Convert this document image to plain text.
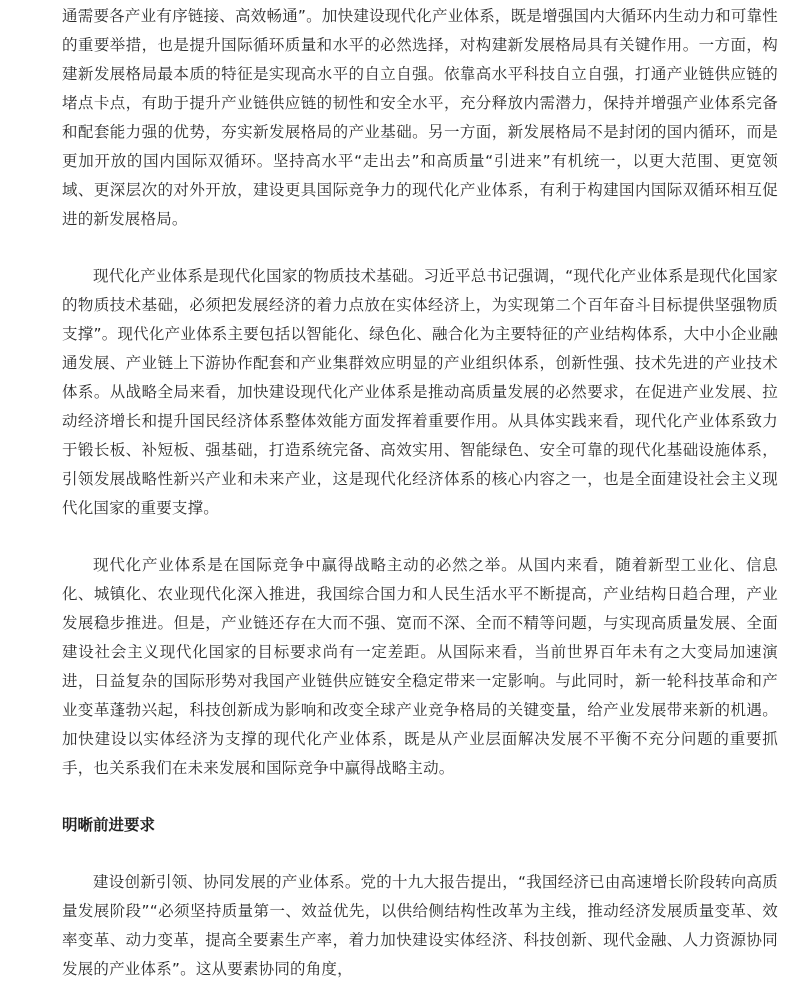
通需要各产业有序链接、高效畅通”。加快建设现代化产业体系，既是增强国内大循环内生动力和可靠性的重要举措，也是提升国际循环质量和水平的必然选择，对构建新发展格局具有关键作用。一方面，构建新发展格局最本质的特征是实现高水平的自立自强。依靠高水平科技自立自强，打通产业链供应链的堵点卡点，有助于提升产业链供应链的韧性和安全水平，充分释放内需潜力，保持并增强产业体系完备和配套能力强的优势，夯实新发展格局的产业基础。另一方面，新发展格局不是封闭的国内循环，而是更加开放的国内国际双循环。坚持高水平“走出去”和高质量“引进来”有机统一，以更大范围、更宽领域、更深层次的对外开放，建设更具国际竞争力的现代化产业体系，有利于构建国内国际双循环相互促进的新发展格局。

现代化产业体系是现代化国家的物质技术基础。习近平总书记强调，“现代化产业体系是现代化国家的物质技术基础，必须把发展经济的着力点放在实体经济上，为实现第二个百年奋斗目标提供坚强物质支撑”。现代化产业体系主要包括以智能化、绿色化、融合化为主要特征的产业结构体系，大中小企业融通发展、产业链上下游协作配套和产业集群效应明显的产业组织体系，创新性强、技术先进的产业技术体系。从战略全局来看，加快建设现代化产业体系是推动高质量发展的必然要求，在促进产业发展、拉动经济增长和提升国民经济体系整体效能方面发挥着重要作用。从具体实践来看，现代化产业体系致力于锻长板、补短板、强基础，打造系统完备、高效实用、智能绿色、安全可靠的现代化基础设施体系，引领发展战略性新兴产业和未来产业，这是现代化经济体系的核心内容之一，也是全面建设社会主义现代化国家的重要支撑。

现代化产业体系是在国际竞争中赢得战略主动的必然之举。从国内来看，随着新型工业化、信息化、城镇化、农业现代化深入推进，我国综合国力和人民生活水平不断提高，产业结构日趋合理，产业发展稳步推进。但是，产业链还存在大而不强、宽而不深、全而不精等问题，与实现高质量发展、全面建设社会主义现代化国家的目标要求尚有一定差距。从国际来看，当前世界百年未有之大变局加速演进，日益复杂的国际形势对我国产业链供应链安全稳定带来一定影响。与此同时，新一轮科技革命和产业变革蓬勃兴起，科技创新成为影响和改变全球产业竞争格局的关键变量，给产业发展带来新的机遇。加快建设以实体经济为支撑的现代化产业体系，既是从产业层面解决发展不平衡不充分问题的重要抓手，也关系我们在未来发展和国际竞争中赢得战略主动。

明晰前进要求

建设创新引领、协同发展的产业体系。党的十九大报告提出，“我国经济已由高速增长阶段转向高质量发展阶段”“必须坚持质量第一、效益优先，以供给侧结构性改革为主线，推动经济发展质量变革、效率变革、动力变革，提高全要素生产率，着力加快建设实体经济、科技创新、现代金融、人力资源协同发展的产业体系”。这从要素协同的角度，
